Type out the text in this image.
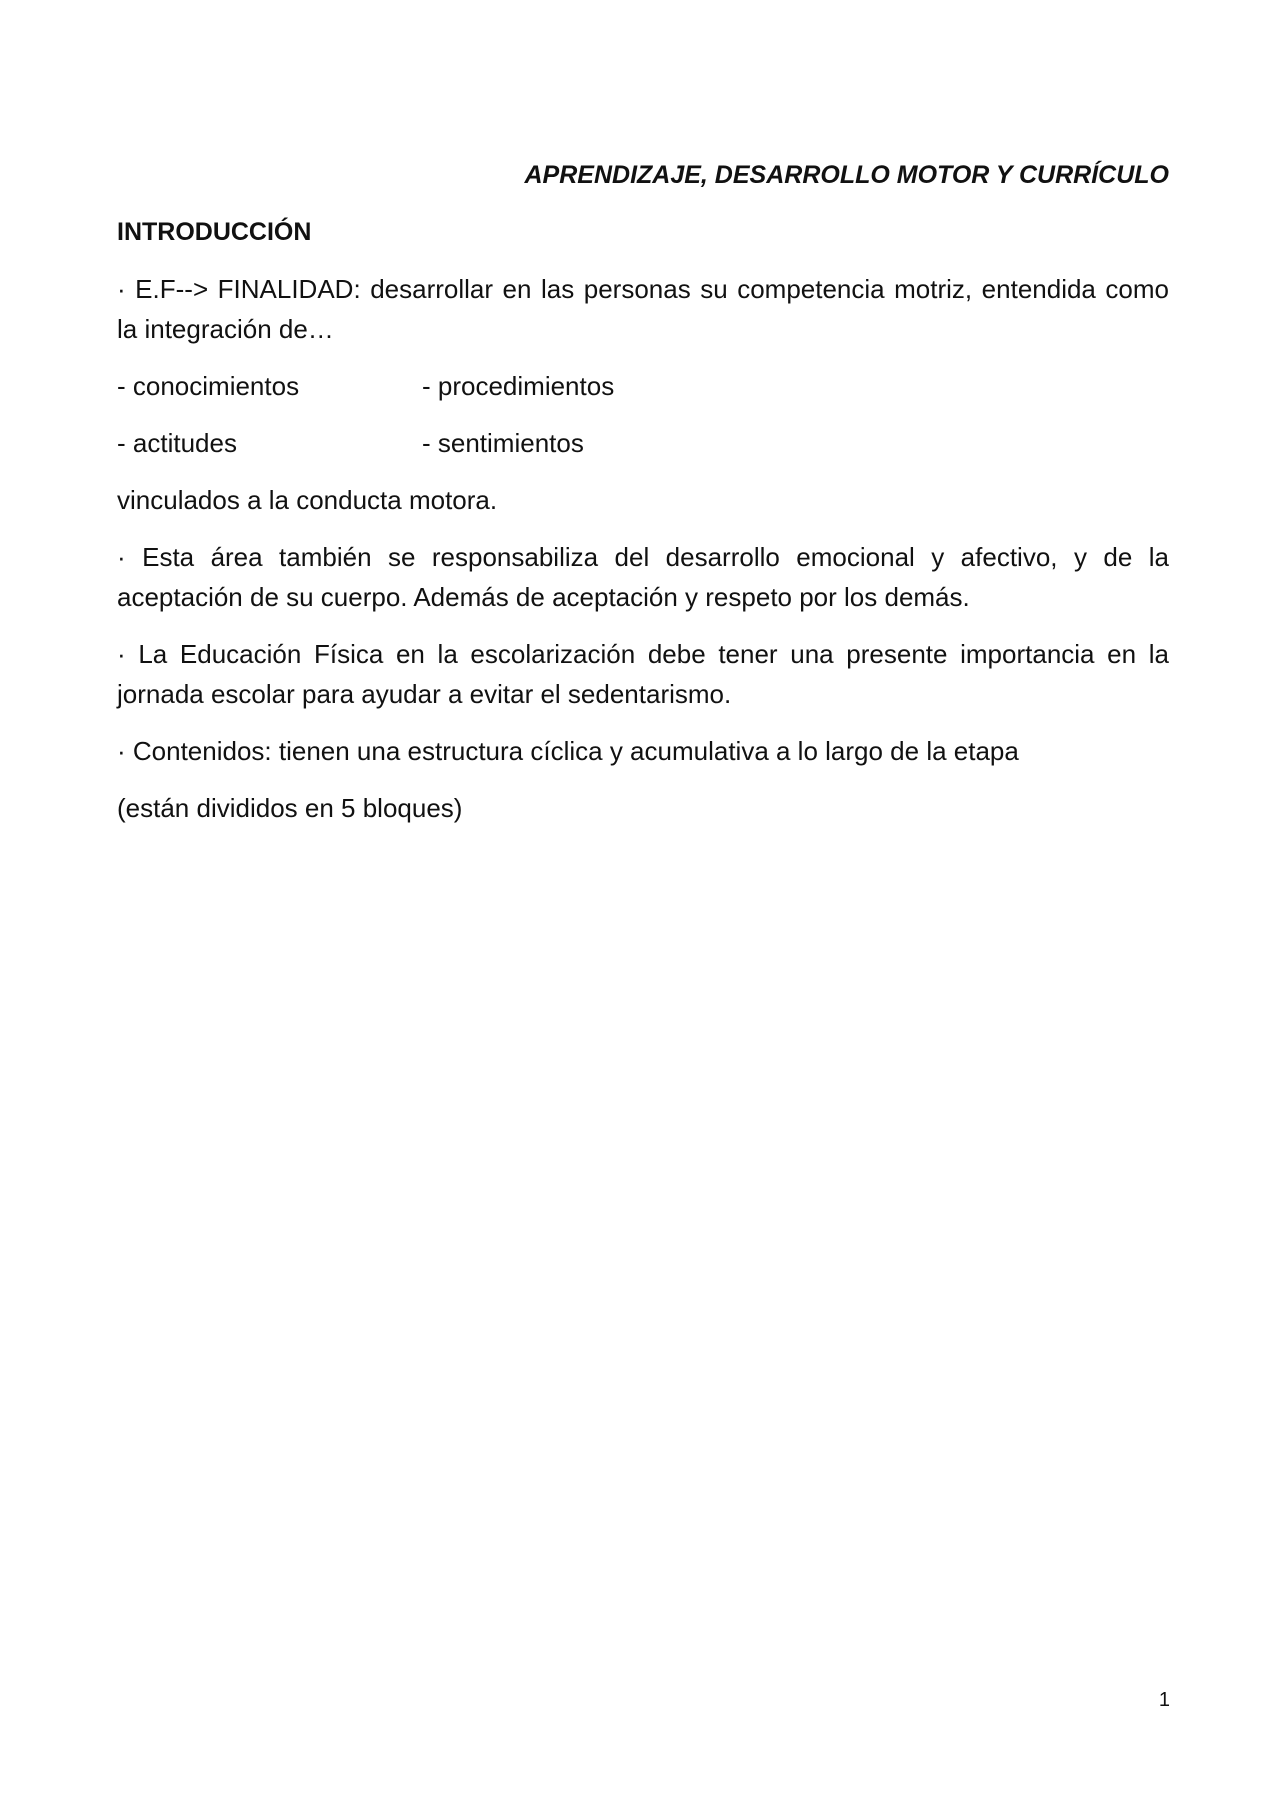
APRENDIZAJE, DESARROLLO MOTOR Y CURRÍCULO
INTRODUCCIÓN

· E.F--> FINALIDAD: desarrollar en las personas su competencia motriz, entendida como la integración de…

- conocimientos	- procedimientos
- actitudes	- sentimientos

vinculados a la conducta motora.

· Esta área también se responsabiliza del desarrollo emocional y afectivo, y de la aceptación de su cuerpo. Además de aceptación y respeto por los demás.

· La Educación Física en la escolarización debe tener una presente importancia en la jornada escolar para ayudar a evitar el sedentarismo.

· Contenidos: tienen una estructura cíclica y acumulativa a lo largo de la etapa

(están divididos en 5 bloques)

1
